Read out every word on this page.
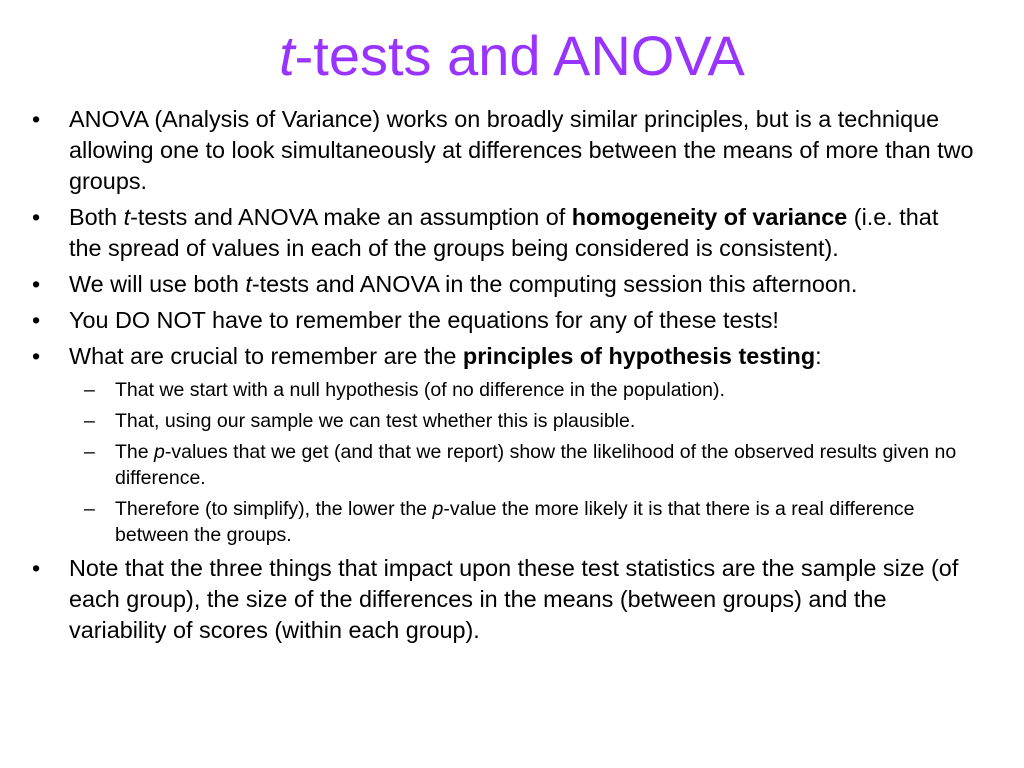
t-tests and ANOVA

• ANOVA (Analysis of Variance) works on broadly similar principles, but is a technique allowing one to look simultaneously at differences between the means of more than two groups.

• Both t-tests and ANOVA make an assumption of homogeneity of variance (i.e. that the spread of values in each of the groups being considered is consistent).

• We will use both t-tests and ANOVA in the computing session this afternoon.

• You DO NOT have to remember the equations for any of these tests!

• What are crucial to remember are the principles of hypothesis testing:

– That we start with a null hypothesis (of no difference in the population).

– That, using our sample we can test whether this is plausible.

– The p-values that we get (and that we report) show the likelihood of the observed results given no difference.

– Therefore (to simplify), the lower the p-value the more likely it is that there is a real difference between the groups.

• Note that the three things that impact upon these test statistics are the sample size (of each group), the size of the differences in the means (between groups) and the variability of scores (within each group).
